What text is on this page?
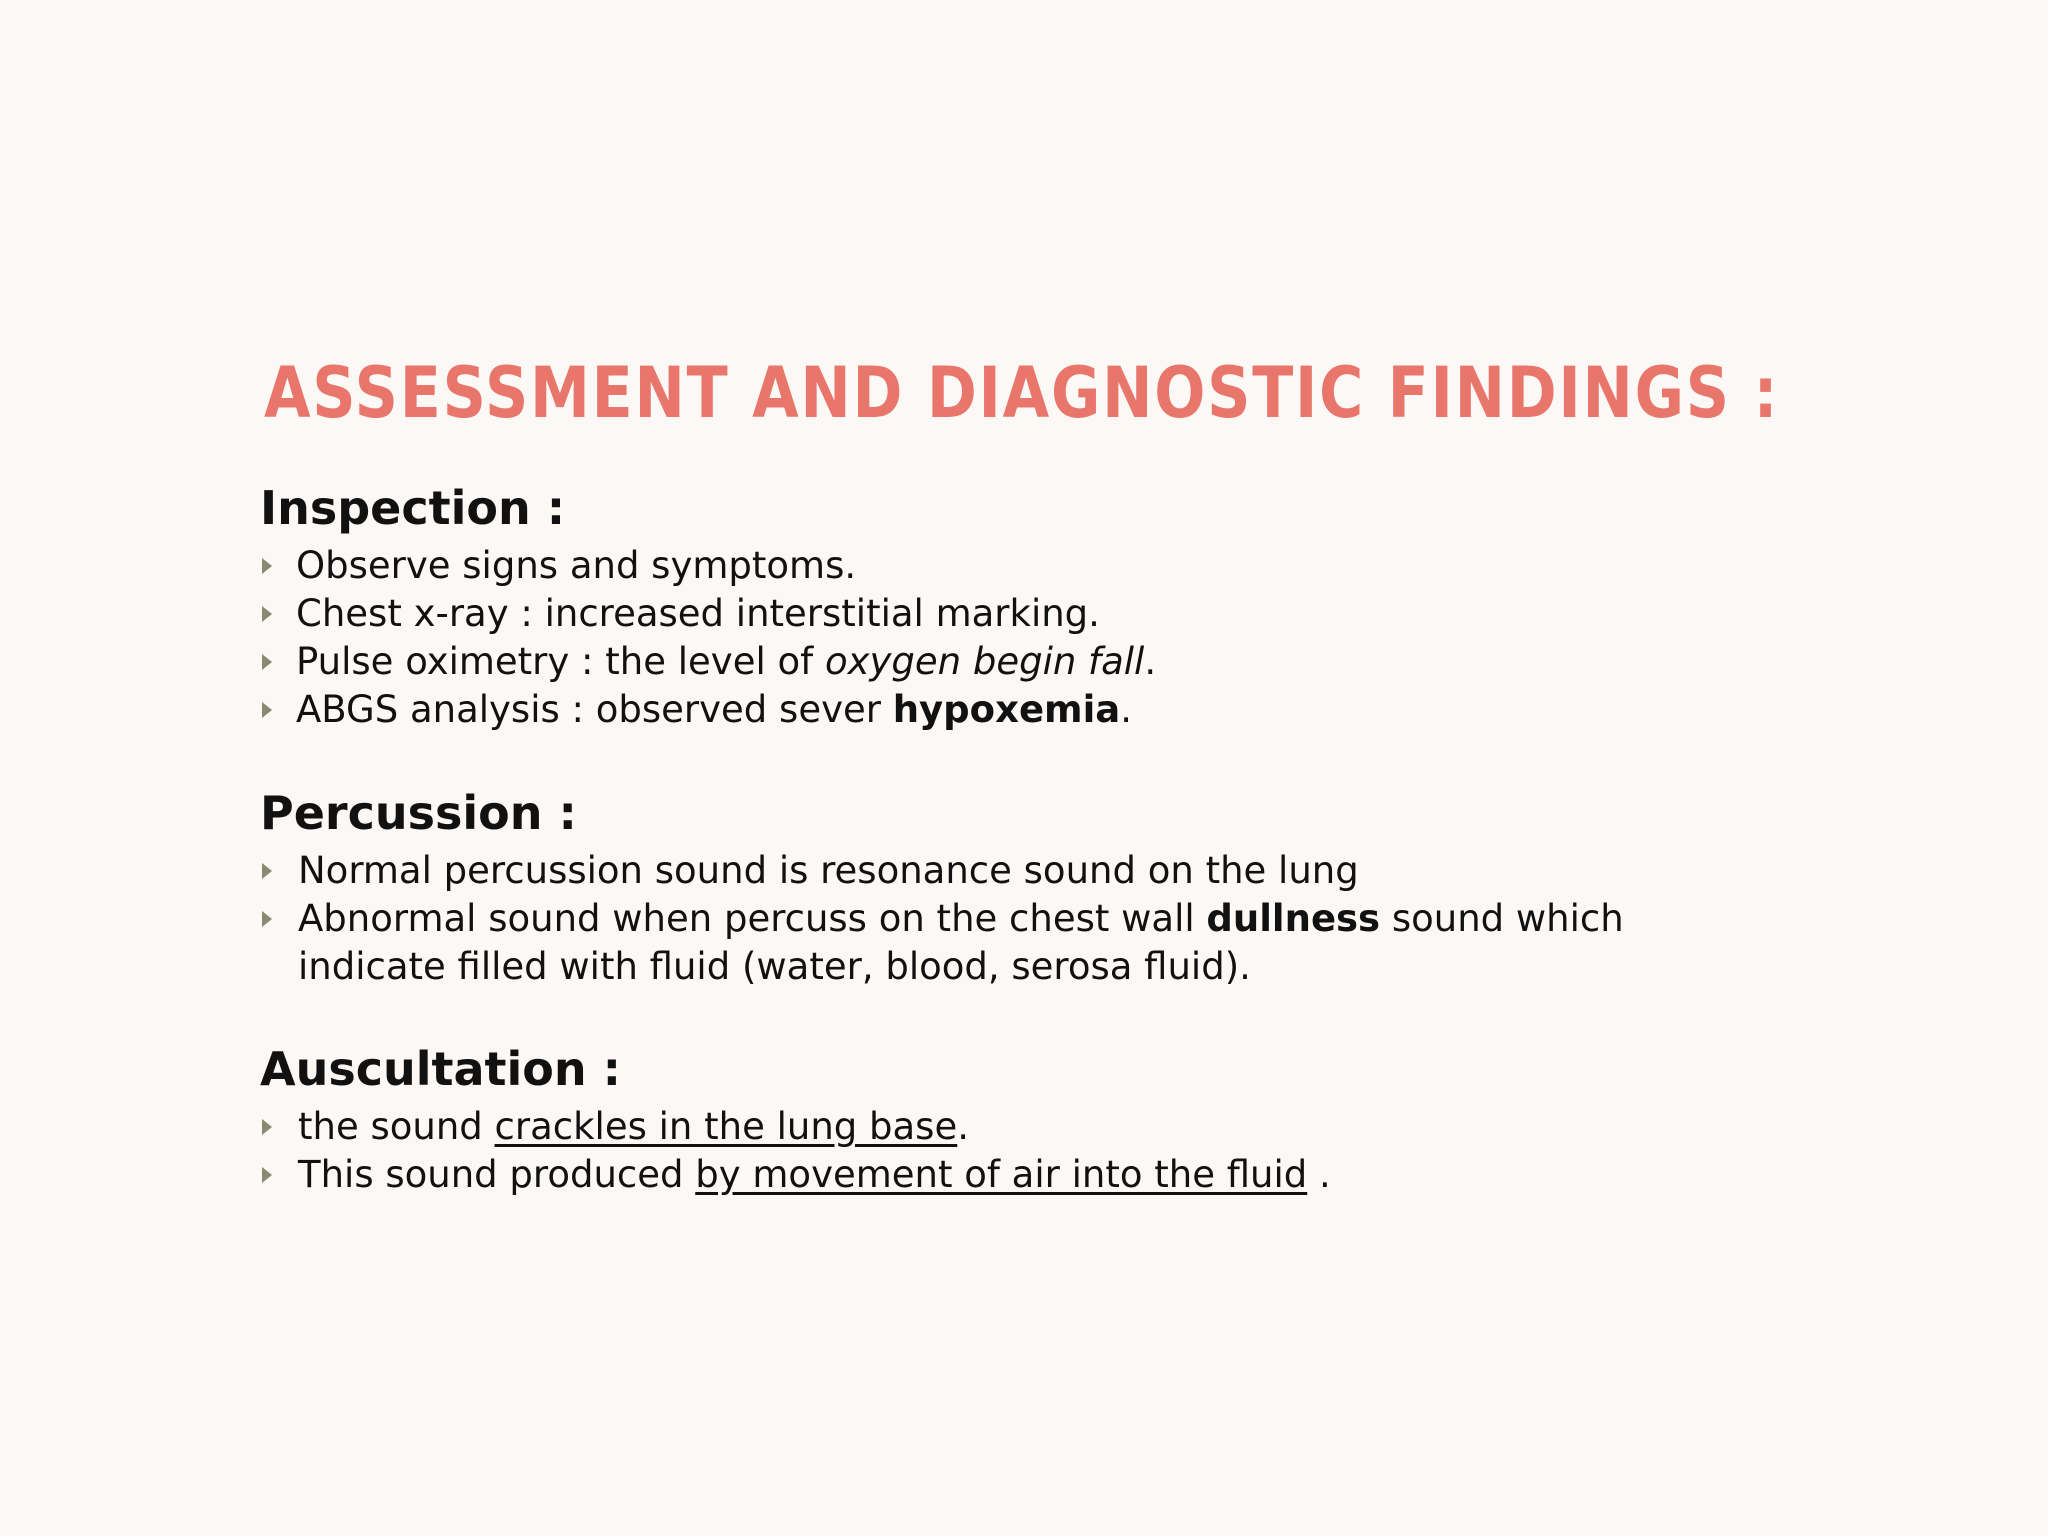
ASSESSMENT AND DIAGNOSTIC FINDINGS :
Inspection :
Observe signs and symptoms.
Chest x-ray : increased interstitial marking.
Pulse oximetry : the level of oxygen begin fall.
ABGS analysis : observed sever hypoxemia.
Percussion :
Normal percussion sound is resonance sound on the lung
Abnormal sound when percuss on the chest wall dullness sound which indicate filled with fluid (water, blood, serosa fluid).
Auscultation :
the sound crackles in the lung base.
This sound produced by movement of air into the fluid .
